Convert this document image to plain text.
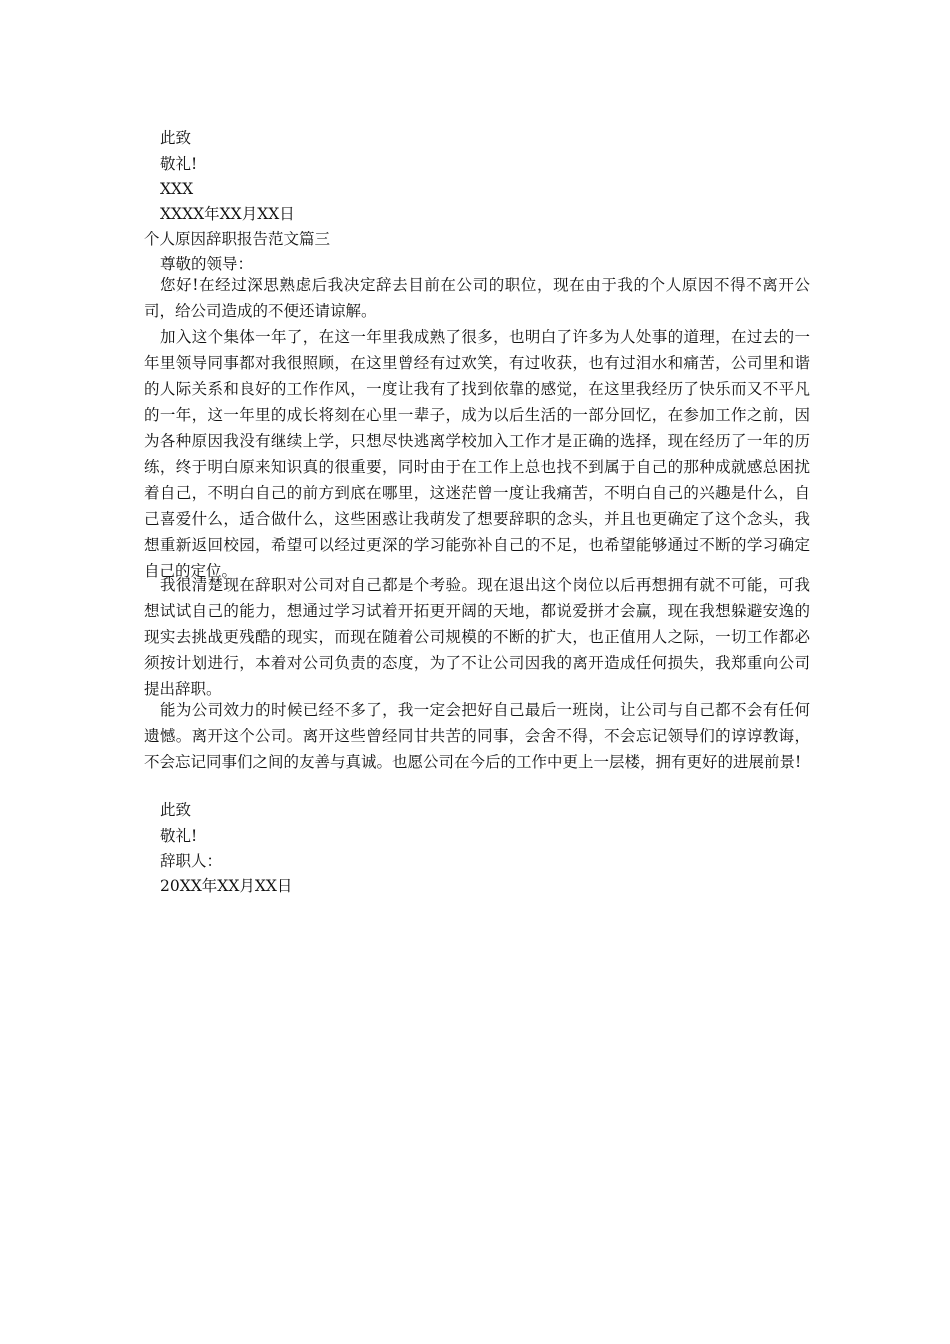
此致
敬礼!
XXX
XXXX年XX月XX日
个人原因辞职报告范文篇三
尊敬的领导：

您好!在经过深思熟虑后我决定辞去目前在公司的职位，现在由于我的个人原因不得不离开公司，给公司造成的不便还请谅解。

加入这个集体一年了，在这一年里我成熟了很多，也明白了许多为人处事的道理，在过去的一年里领导同事都对我很照顾，在这里曾经有过欢笑，有过收获，也有过泪水和痛苦，公司里和谐的人际关系和良好的工作作风，一度让我有了找到依靠的感觉，在这里我经历了快乐而又不平凡的一年，这一年里的成长将刻在心里一辈子，成为以后生活的一部分回忆，在参加工作之前，因为各种原因我没有继续上学，只想尽快逃离学校加入工作才是正确的选择，现在经历了一年的历练，终于明白原来知识真的很重要，同时由于在工作上总也找不到属于自己的那种成就感总困扰着自己，不明白自己的前方到底在哪里，这迷茫曾一度让我痛苦，不明白自己的兴趣是什么，自己喜爱什么，适合做什么，这些困惑让我萌发了想要辞职的念头，并且也更确定了这个念头，我想重新返回校园，希望可以经过更深的学习能弥补自己的不足，也希望能够通过不断的学习确定自己的定位。

我很清楚现在辞职对公司对自己都是个考验。现在退出这个岗位以后再想拥有就不可能，可我想试试自己的能力，想通过学习试着开拓更开阔的天地，都说爱拼才会赢，现在我想躲避安逸的现实去挑战更残酷的现实，而现在随着公司规模的不断的扩大，也正值用人之际，一切工作都必须按计划进行，本着对公司负责的态度，为了不让公司因我的离开造成任何损失，我郑重向公司提出辞职。

能为公司效力的时候已经不多了，我一定会把好自己最后一班岗，让公司与自己都不会有任何遗憾。离开这个公司。离开这些曾经同甘共苦的同事，会舍不得，不会忘记领导们的谆谆教诲，不会忘记同事们之间的友善与真诚。也愿公司在今后的工作中更上一层楼，拥有更好的进展前景!

此致
敬礼!
辞职人：
20XX年XX月XX日
